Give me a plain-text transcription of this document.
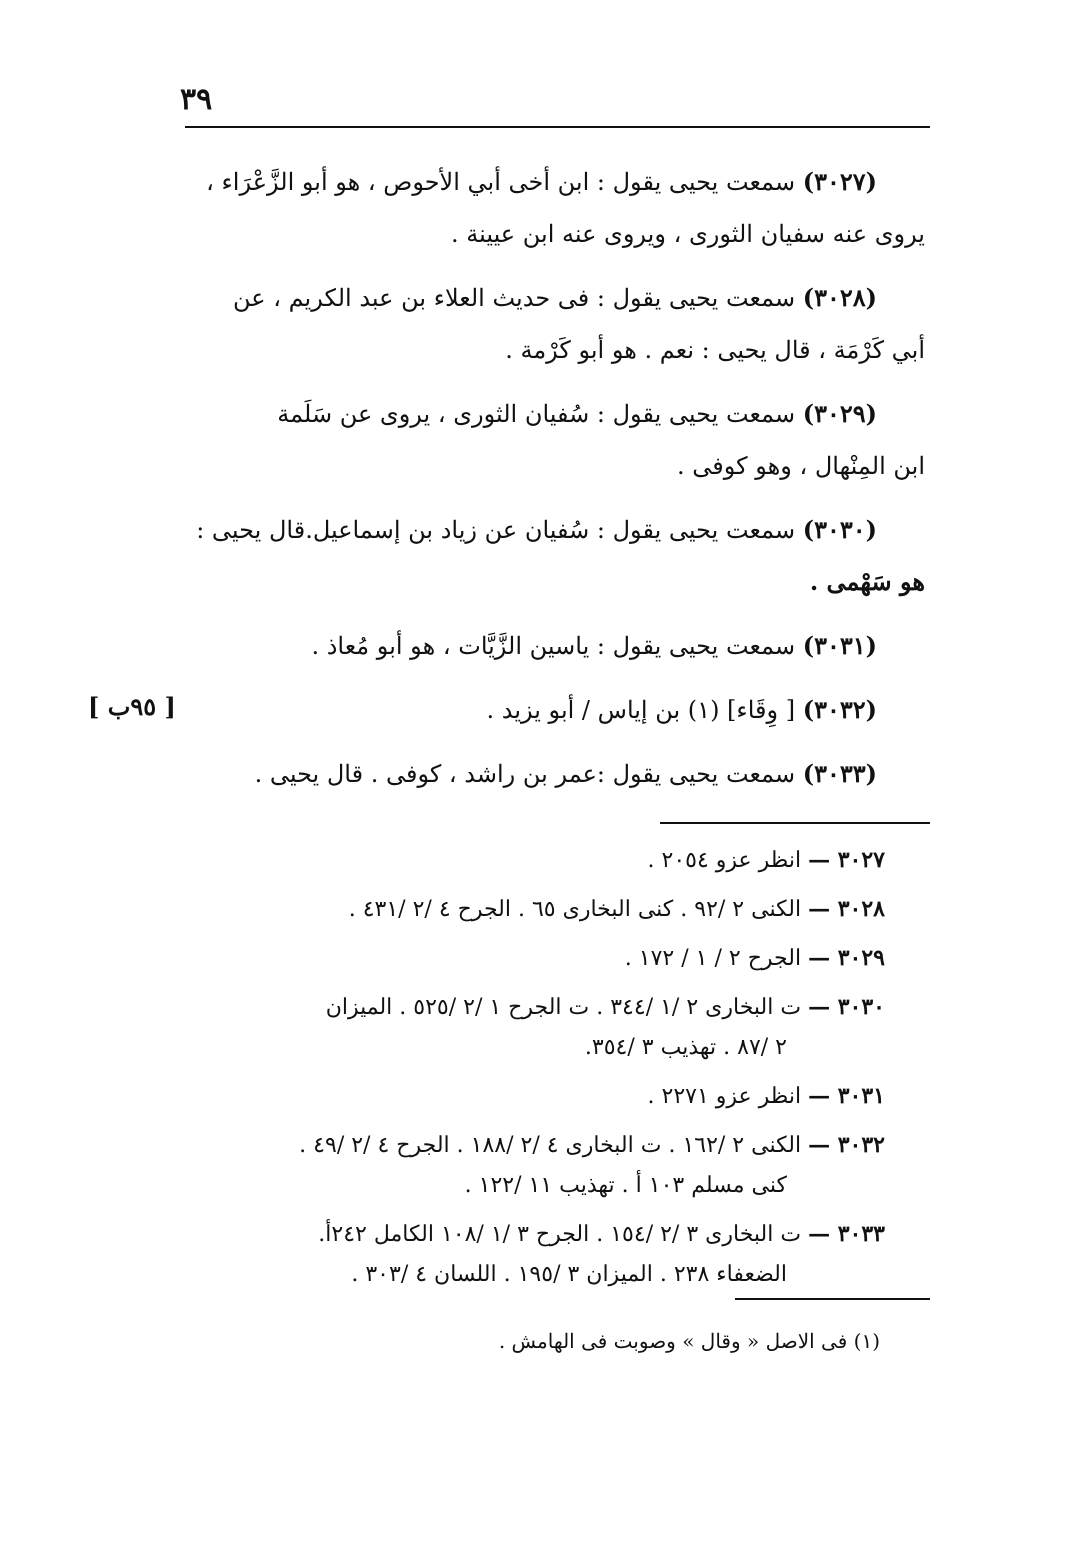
٣٩
(٣٠٢٧) سمعت يحيى يقول : ابن أخى أبي الأحوص ، هو أبو الزَّعْرَاء ،
يروى عنه سفيان الثورى ، ويروى عنه ابن عيينة .
(٣٠٢٨) سمعت يحيى يقول : فى حديث العلاء بن عبد الكريم ، عن
أبي كَرْمَة ، قال يحيى : نعم . هو أبو كَرْمة .
(٣٠٢٩) سمعت يحيى يقول : سُفيان الثورى ، يروى عن سَلَمة
ابن المِنْهال ، وهو كوفى .
(٣٠٣٠) سمعت يحيى يقول : سُفيان عن زياد بن إسماعيل.قال يحيى :
هو سَهْمى .
(٣٠٣١) سمعت يحيى يقول : ياسين الزَّيَّات ، هو أبو مُعاذ .
(٣٠٣٢) [ وِقَاء] (١) بن إياس / أبو يزيد .
(٣٠٣٣) سمعت يحيى يقول :عمر بن راشد ، كوفى . قال يحيى .
[ ٩٥ب ]
٣٠٢٧ — انظر عزو ٢٠٥٤ .
٣٠٢٨ — الكنى ٢ /٩٢ . كنى البخارى ٦٥ . الجرح ٤ /٢ /٤٣١ .
٣٠٢٩ — الجرح ٢ / ١ / ١٧٢ .
٣٠٣٠ — ت البخارى ٢ /١ /٣٤٤ . ت الجرح ١ /٢ /٥٢٥ . الميزان
٢ /٨٧ . تهذيب ٣ /٣٥٤.
٣٠٣١ — انظر عزو ٢٢٧١ .
٣٠٣٢ — الكنى ٢ /١٦٢ . ت البخارى ٤ /٢ /١٨٨ . الجرح ٤ /٢ /٤٩ .
كنى مسلم ١٠٣ أ . تهذيب ١١ /١٢٢ .
٣٠٣٣ — ت البخارى ٣ /٢ /١٥٤ . الجرح ٣ /١ /١٠٨ الكامل ٢٤٢أ.
الضعفاء ٢٣٨ . الميزان ٣ /١٩٥ . اللسان ٤ /٣٠٣ .
(١) فى الاصل « وقال » وصوبت فى الهامش .
